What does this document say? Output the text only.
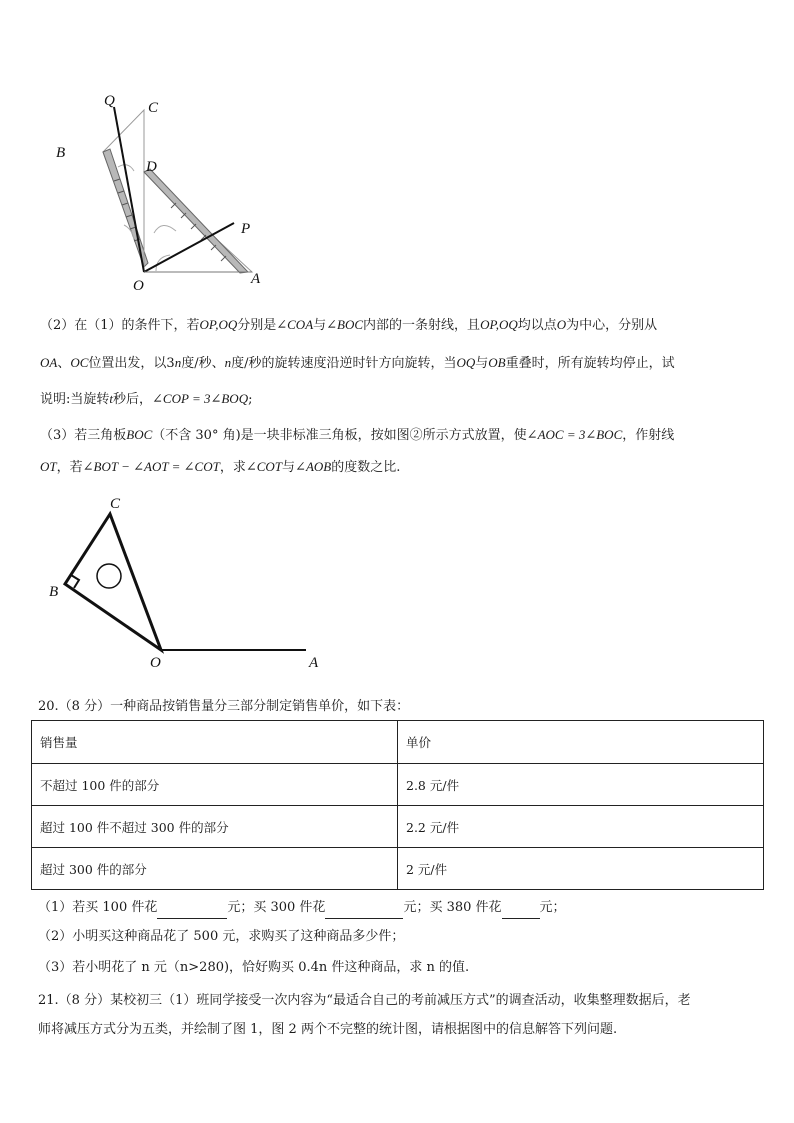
Q C
B
D
P
O	A
（2）在（1）的条件下，若OP,OQ分别是∠COA与∠BOC内部的一条射线，且OP,OQ均以点O为中心，分别从
OA、OC位置出发，以3n度/秒、n度/秒的旋转速度沿逆时针方向旋转，当OQ与OB重叠时，所有旋转均停止，试
说明:当旋转t秒后，∠COP = 3∠BOQ;
（3）若三角板BOC（不含 30° 角)是一块非标准三角板，按如图②所示方式放置，使∠AOC = 3∠BOC，作射线
OT，若∠BOT − ∠AOT = ∠COT，求∠COT与∠AOB的度数之比.
C
B
O	A
20.（8 分）一种商品按销售量分三部分制定销售单价，如下表：
销售量	单价
不超过 100 件的部分	2.8 元/件
超过 100 件不超过 300 件的部分	2.2 元/件
超过 300 件的部分	2 元/件
（1）若买 100 件花	元；买 300 件花	元；买 380 件花	元；
（2）小明买这种商品花了 500 元，求购买了这种商品多少件；
（3）若小明花了 n 元（n>280)，恰好购买 0.4n 件这种商品，求 n 的值.
21.（8 分）某校初三（1）班同学接受一次内容为“最适合自己的考前减压方式”的调查活动，收集整理数据后，老
师将减压方式分为五类，并绘制了图 1，图 2 两个不完整的统计图，请根据图中的信息解答下列问题.
